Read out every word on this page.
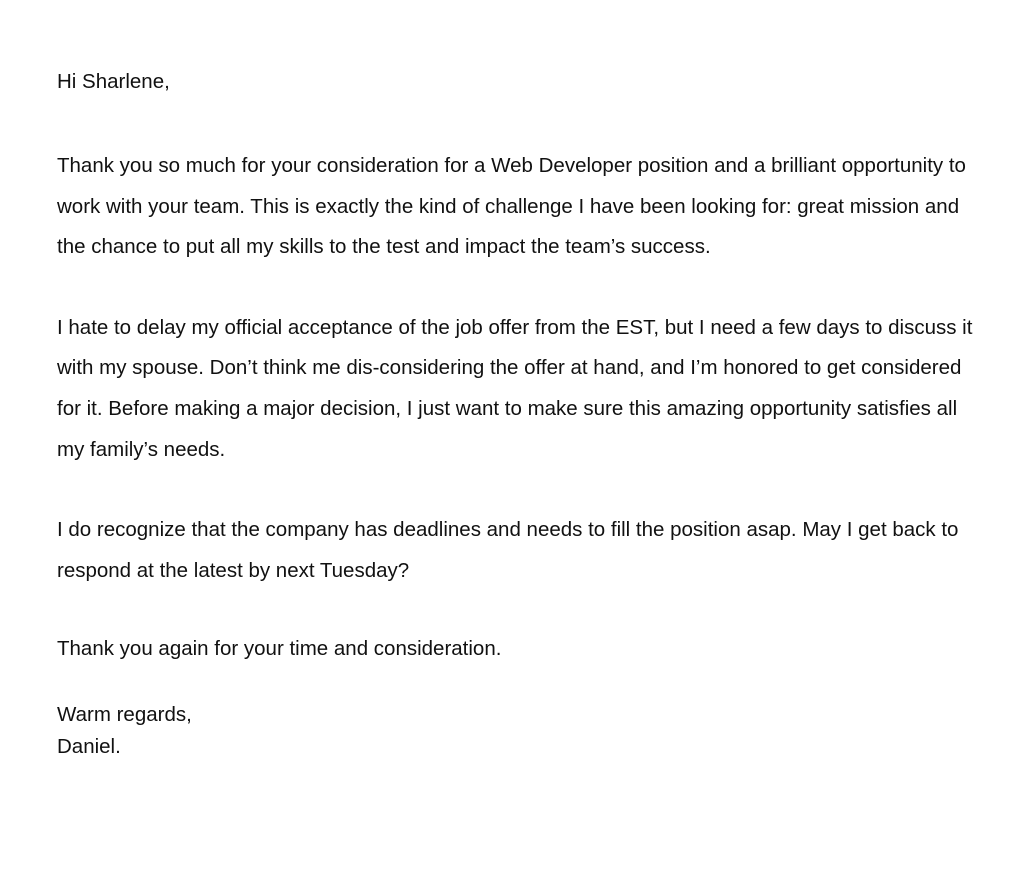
Hi Sharlene,

Thank you so much for your consideration for a Web Developer position and a brilliant opportunity to work with your team. This is exactly the kind of challenge I have been looking for: great mission and the chance to put all my skills to the test and impact the team’s success.

I hate to delay my official acceptance of the job offer from the EST, but I need a few days to discuss it with my spouse. Don’t think me dis-considering the offer at hand, and I’m honored to get considered for it. Before making a major decision, I just want to make sure this amazing opportunity satisfies all my family’s needs.

I do recognize that the company has deadlines and needs to fill the position asap. May I get back to respond at the latest by next Tuesday?

Thank you again for your time and consideration.

Warm regards,
Daniel.
